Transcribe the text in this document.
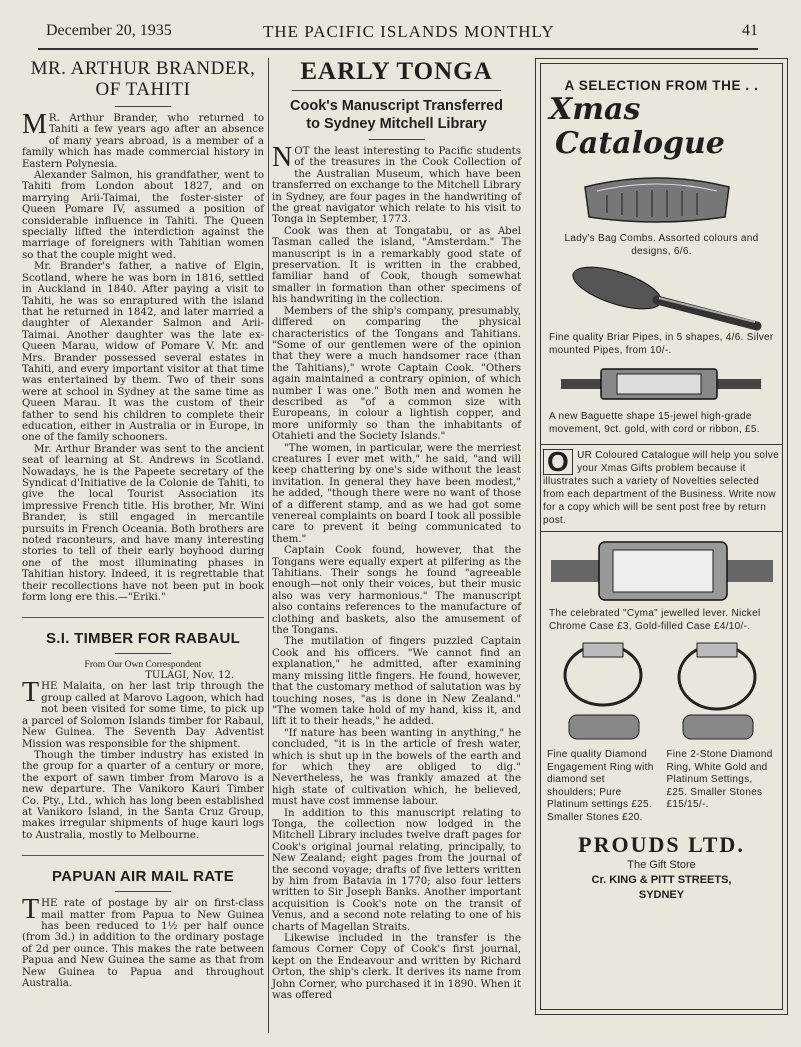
December 20, 1935	THE PACIFIC ISLANDS MONTHLY	41
MR. ARTHUR BRANDER,
OF TAHITI

M R. Arthur Brander, who returned to Tahiti a few years ago after an absence of many years abroad, is a member of a family which has made commercial history in Eastern Polynesia.

Alexander Salmon, his grandfather, went to Tahiti from London about 1827, and on marrying Arii-Taimai, the foster-sister of Queen Pomare IV, assumed a position of considerable influence in Tahiti. The Queen specially lifted the interdiction against the marriage of foreigners with Tahitian women so that the couple might wed.

Mr. Brander's father, a native of Elgin, Scotland, where he was born in 1816, settled in Auckland in 1840. After paying a visit to Tahiti, he was so enraptured with the island that he returned in 1842, and later married a daughter of Alexander Salmon and Arii-Taimai. Another daughter was the late ex-Queen Marau, widow of Pomare V. Mr. and Mrs. Brander possessed several estates in Tahiti, and every important visitor at that time was entertained by them. Two of their sons were at school in Sydney at the same time as Queen Marau. It was the custom of their father to send his children to complete their education, either in Australia or in Europe, in one of the family schooners.

Mr. Arthur Brander was sent to the ancient seat of learning at St. Andrews in Scotland. Nowadays, he is the Papeete secretary of the Syndicat d'Initiative de la Colonie de Tahiti, to give the local Tourist Association its impressive French title. His brother, Mr. Wini Brander, is still engaged in mercantile pursuits in French Oceania. Both brothers are noted raconteurs, and have many interesting stories to tell of their early boyhood during one of the most illuminating phases in Tahitian history. Indeed, it is regrettable that their recollections have not been put in book form long ere this.—"Eriki."

S.I. TIMBER FOR RABAUL
From Our Own Correspondent
TULAGI, Nov. 12.

THE Malaita, on her last trip through the group called at Marovo Lagoon, which had not been visited for some time, to pick up a parcel of Solomon Islands timber for Rabaul, New Guinea. The Seventh Day Adventist Mission was responsible for the shipment.

Though the timber industry has existed in the group for a quarter of a century or more, the export of sawn timber from Marovo is a new departure. The Vanikoro Kauri Timber Co. Pty., Ltd., which has long been established at Vanikoro Island, in the Santa Cruz Group, makes irregular shipments of huge kauri logs to Australia, mostly to Melbourne.

PAPUAN AIR MAIL RATE

THE rate of postage by air on first-class mail matter from Papua to New Guinea has been reduced to 1½ per half ounce (from 3d.) in addition to the ordinary postage of 2d per ounce. This makes the rate between Papua and New Guinea the same as that from New Guinea to Papua and throughout Australia.

EARLY TONGA
Cook's Manuscript Transferred
to Sydney Mitchell Library

NOT the least interesting to Pacific students of the treasures in the Cook Collection of the Australian Museum, which have been transferred on exchange to the Mitchell Library in Sydney, are four pages in the handwriting of the great navigator which relate to his visit to Tonga in September, 1773.

Cook was then at Tongatabu, or as Abel Tasman called the island, "Amsterdam." The manuscript is in a remarkably good state of preservation. It is written in the crabbed, familiar hand of Cook, though somewhat smaller in formation than other specimens of his handwriting in the collection.

Members of the ship's company, presumably, differed on comparing the physical characteristics of the Tongans and Tahitians. "Some of our gentlemen were of the opinion that they were a much handsomer race (than the Tahitians)," wrote Captain Cook. "Others again maintained a contrary opinion, of which number I was one." Both men and women he described as "of a common size with Europeans, in colour a lightish copper, and more uniformly so than the inhabitants of Otahieti and the Society Islands."

"The women, in particular, were the merriest creatures I ever met with," he said, "and will keep chattering by one's side without the least invitation. In general they have been modest," he added, "though there were no want of those of a different stamp, and as we had got some venereal complaints on board I took all possible care to prevent it being communicated to them."

Captain Cook found, however, that the Tongans were equally expert at pilfering as the Tahitians. Their songs he found "agreeable enough—not only their voices, but their music also was very harmonious." The manuscript also contains references to the manufacture of clothing and baskets, also the amusement of the Tongans.

The mutilation of fingers puzzled Captain Cook and his officers. "We cannot find an explanation," he admitted, after examining many missing little fingers. He found, however, that the customary method of salutation was by touching noses, "as is done in New Zealand." "The women take hold of my hand, kiss it, and lift it to their heads," he added.

"If nature has been wanting in anything," he concluded, "it is in the article of fresh water, which is shut up in the bowels of the earth and for which they are obliged to dig." Nevertheless, he was frankly amazed at the high state of cultivation which, he believed, must have cost immense labour.

In addition to this manuscript relating to Tonga, the collection now lodged in the Mitchell Library includes twelve draft pages for Cook's original journal relating, principally, to New Zealand; eight pages from the journal of the second voyage; drafts of five letters written by him from Batavia in 1770; also four letters written to Sir Joseph Banks. Another important acquisition is Cook's note on the transit of Venus, and a second note relating to one of his charts of Magellan Straits.

Likewise included in the transfer is the famous Corner Copy of Cook's first journal, kept on the Endeavour and written by Richard Orton, the ship's clerk. It derives its name from John Corner, who purchased it in 1890. When it was offered

A SELECTION FROM THE . .
Xmas
Catalogue
Lady's Bag Combs. Assorted colours and designs, 6/6.
Fine quality Briar Pipes, in 5 shapes, 4/6. Silver mounted Pipes, from 10/-.
A new Baguette shape 15-jewel high-grade movement, 9ct. gold, with cord or ribbon, £5.
O UR Coloured Catalogue will help you solve your Xmas Gifts problem because it illustrates such a variety of Novelties selected from each department of the Business. Write now for a copy which will be sent post free by return post.
The celebrated "Cyma" jewelled lever. Nickel Chrome Case £3, Gold-filled Case £4/10/-.
Fine quality Diamond Engagement Ring with diamond set shoulders; Pure Platinum settings £25. Smaller Stones £20.
Fine 2-Stone Diamond Ring, White Gold and Platinum Settings, £25. Smaller Stones £15/15/-.
PROUDS LTD.
The Gift Store
Cr. KING & PITT STREETS,
SYDNEY
